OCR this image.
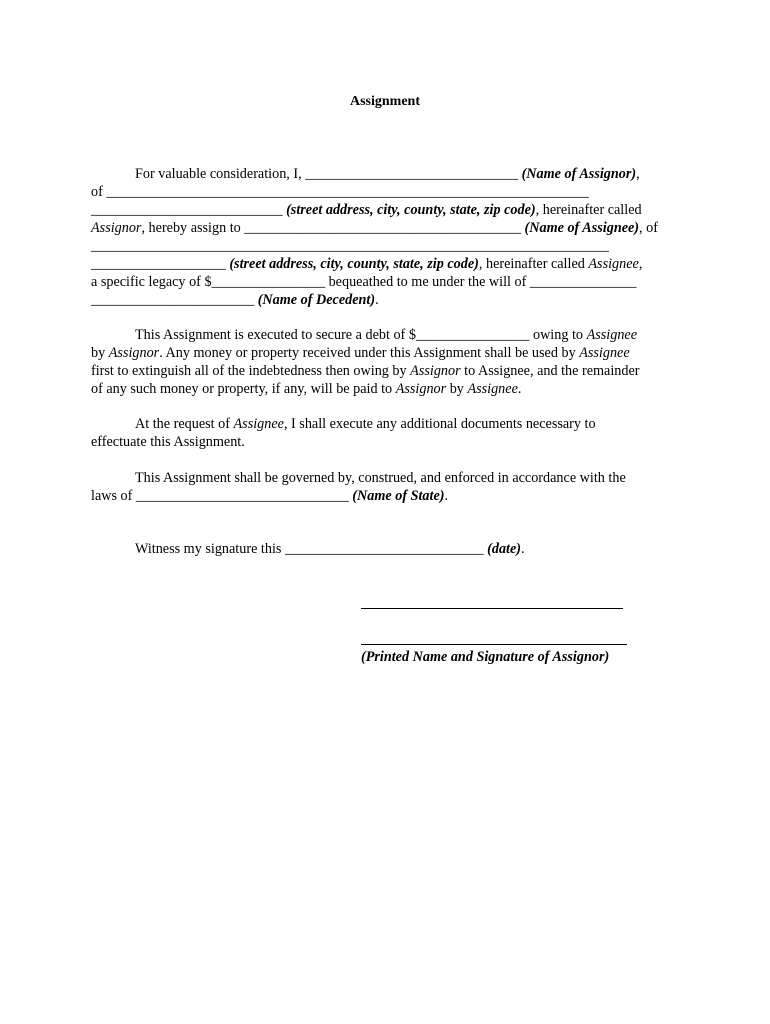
Assignment
For valuable consideration, I, ______________________________ (Name of Assignor),
of ____________________________________________________________________
___________________________ (street address, city, county, state, zip code), hereinafter called
Assignor, hereby assign to _______________________________________ (Name of Assignee), of
_________________________________________________________________________
___________________ (street address, city, county, state, zip code), hereinafter called Assignee,
a specific legacy of $________________ bequeathed to me under the will of _______________
_______________________ (Name of Decedent).
This Assignment is executed to secure a debt of $________________ owing to Assignee
by Assignor. Any money or property received under this Assignment shall be used by Assignee
first to extinguish all of the indebtedness then owing by Assignor to Assignee, and the remainder
of any such money or property, if any, will be paid to Assignor by Assignee.
At the request of Assignee, I shall execute any additional documents necessary to
effectuate this Assignment.
This Assignment shall be governed by, construed, and enforced in accordance with the
laws of ______________________________ (Name of State).
Witness my signature this ____________________________ (date).
(Printed Name and Signature of Assignor)
